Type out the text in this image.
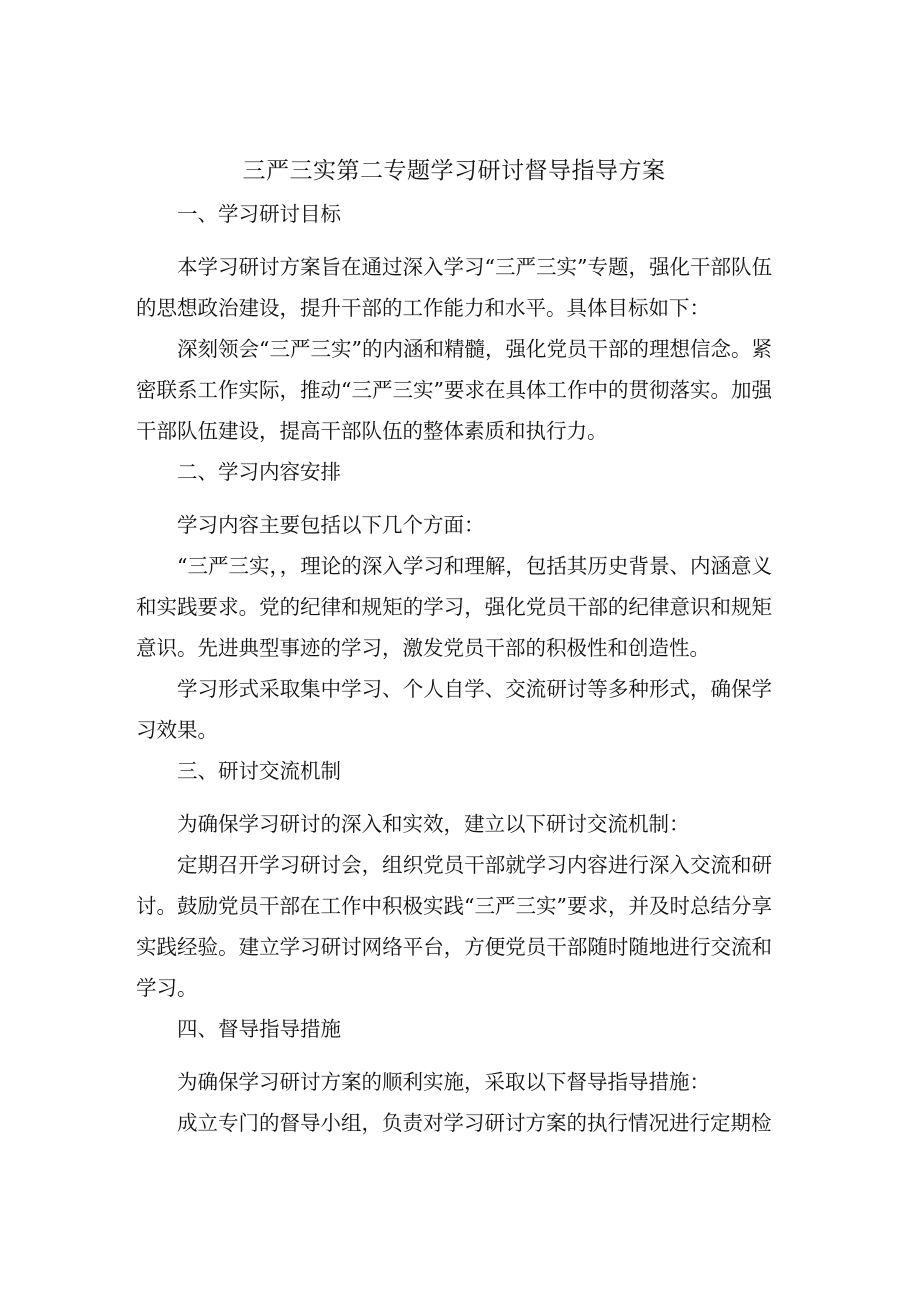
三严三实第二专题学习研讨督导指导方案
一、学习研讨目标

本学习研讨方案旨在通过深入学习“三严三实”专题，强化干部队伍的思想政治建设，提升干部的工作能力和水平。具体目标如下：

深刻领会“三严三实”的内涵和精髓，强化党员干部的理想信念。紧密联系工作实际，推动“三严三实”要求在具体工作中的贯彻落实。加强干部队伍建设，提高干部队伍的整体素质和执行力。

二、学习内容安排

学习内容主要包括以下几个方面：

“三严三实，，理论的深入学习和理解，包括其历史背景、内涵意义和实践要求。党的纪律和规矩的学习，强化党员干部的纪律意识和规矩意识。先进典型事迹的学习，激发党员干部的积极性和创造性。

学习形式采取集中学习、个人自学、交流研讨等多种形式，确保学习效果。

三、研讨交流机制

为确保学习研讨的深入和实效，建立以下研讨交流机制：

定期召开学习研讨会，组织党员干部就学习内容进行深入交流和研讨。鼓励党员干部在工作中积极实践“三严三实”要求，并及时总结分享实践经验。建立学习研讨网络平台，方便党员干部随时随地进行交流和学习。

四、督导指导措施

为确保学习研讨方案的顺利实施，采取以下督导指导措施：

成立专门的督导小组，负责对学习研讨方案的执行情况进行定期检
